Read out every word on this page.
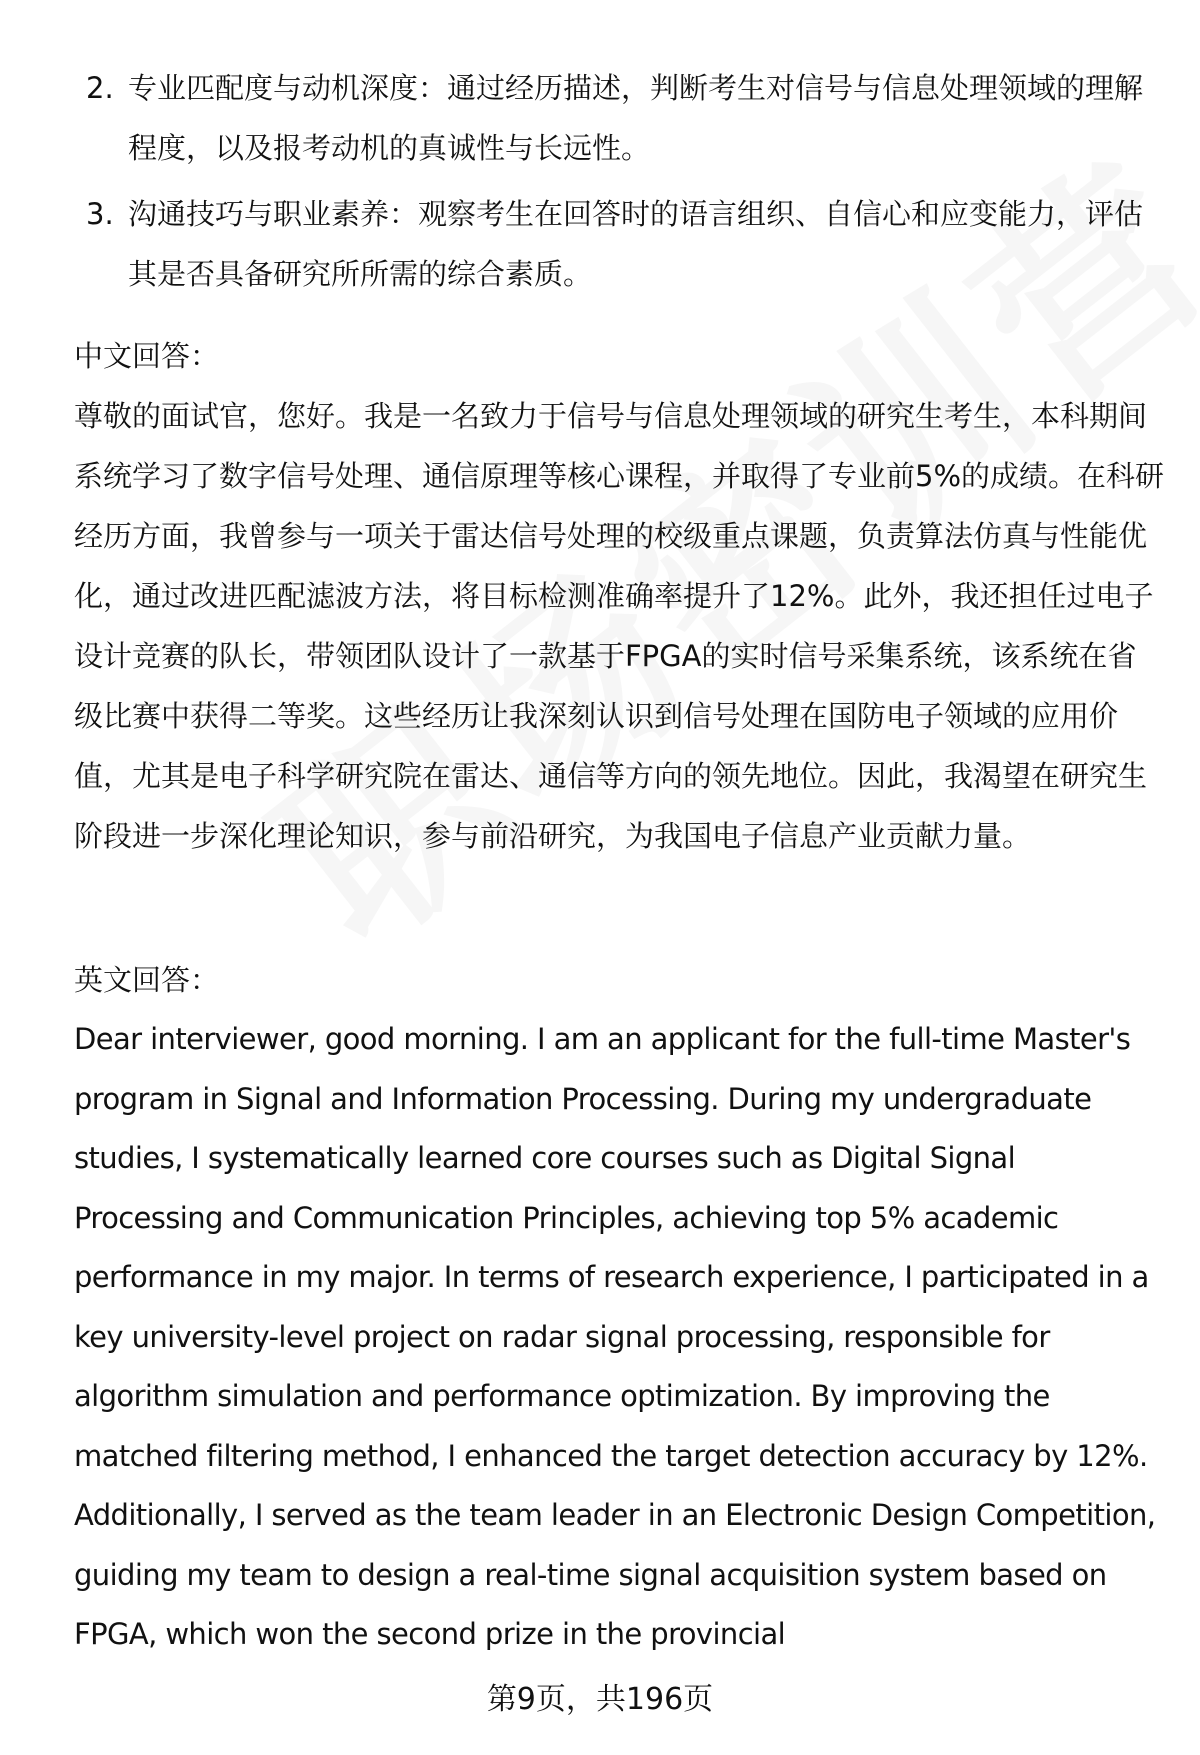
2. 专业匹配度与动机深度：通过经历描述，判断考生对信号与信息处理领域的理解程度，以及报考动机的真诚性与长远性。
3. 沟通技巧与职业素养：观察考生在回答时的语言组织、自信心和应变能力，评估其是否具备研究所所需的综合素质。

中文回答：

尊敬的面试官，您好。我是一名致力于信号与信息处理领域的研究生考生，本科期间系统学习了数字信号处理、通信原理等核心课程，并取得了专业前5%的成绩。在科研经历方面，我曾参与一项关于雷达信号处理的校级重点课题，负责算法仿真与性能优化，通过改进匹配滤波方法，将目标检测准确率提升了12%。此外，我还担任过电子设计竞赛的队长，带领团队设计了一款基于FPGA的实时信号采集系统，该系统在省级比赛中获得二等奖。这些经历让我深刻认识到信号处理在国防电子领域的应用价值，尤其是电子科学研究院在雷达、通信等方向的领先地位。因此，我渴望在研究生阶段进一步深化理论知识，参与前沿研究，为我国电子信息产业贡献力量。

英文回答：

Dear interviewer, good morning. I am an applicant for the full-time Master's program in Signal and Information Processing. During my undergraduate studies, I systematically learned core courses such as Digital Signal Processing and Communication Principles, achieving top 5% academic performance in my major. In terms of research experience, I participated in a key university-level project on radar signal processing, responsible for algorithm simulation and performance optimization. By improving the matched filtering method, I enhanced the target detection accuracy by 12%. Additionally, I served as the team leader in an Electronic Design Competition, guiding my team to design a real-time signal acquisition system based on FPGA, which won the second prize in the provincial

第9页，共196页
